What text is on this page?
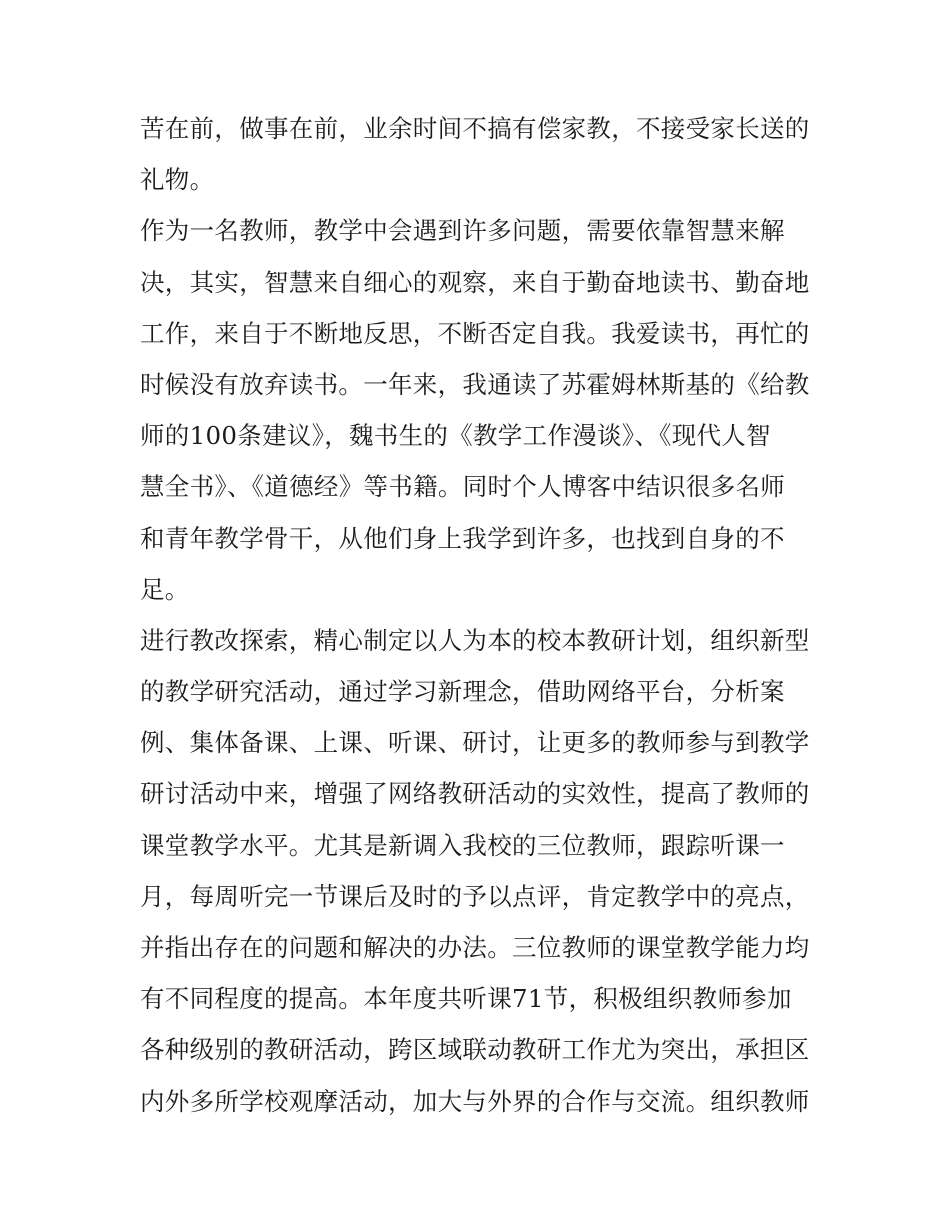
苦在前，做事在前，业余时间不搞有偿家教，不接受家长送的
礼物。
作为一名教师，教学中会遇到许多问题，需要依靠智慧来解
决，其实，智慧来自细心的观察，来自于勤奋地读书、勤奋地
工作，来自于不断地反思，不断否定自我。我爱读书，再忙的
时候没有放弃读书。一年来，我通读了苏霍姆林斯基的《给教
师的100条建议》，魏书生的《教学工作漫谈》、《现代人智
慧全书》、《道德经》等书籍。同时个人博客中结识很多名师
和青年教学骨干，从他们身上我学到许多，也找到自身的不
足。
进行教改探索，精心制定以人为本的校本教研计划，组织新型
的教学研究活动，通过学习新理念，借助网络平台，分析案
例、集体备课、上课、听课、研讨，让更多的教师参与到教学
研讨活动中来，增强了网络教研活动的实效性，提高了教师的
课堂教学水平。尤其是新调入我校的三位教师，跟踪听课一
月，每周听完一节课后及时的予以点评，肯定教学中的亮点，
并指出存在的问题和解决的办法。三位教师的课堂教学能力均
有不同程度的提高。本年度共听课71节，积极组织教师参加
各种级别的教研活动，跨区域联动教研工作尤为突出，承担区
内外多所学校观摩活动，加大与外界的合作与交流。组织教师
